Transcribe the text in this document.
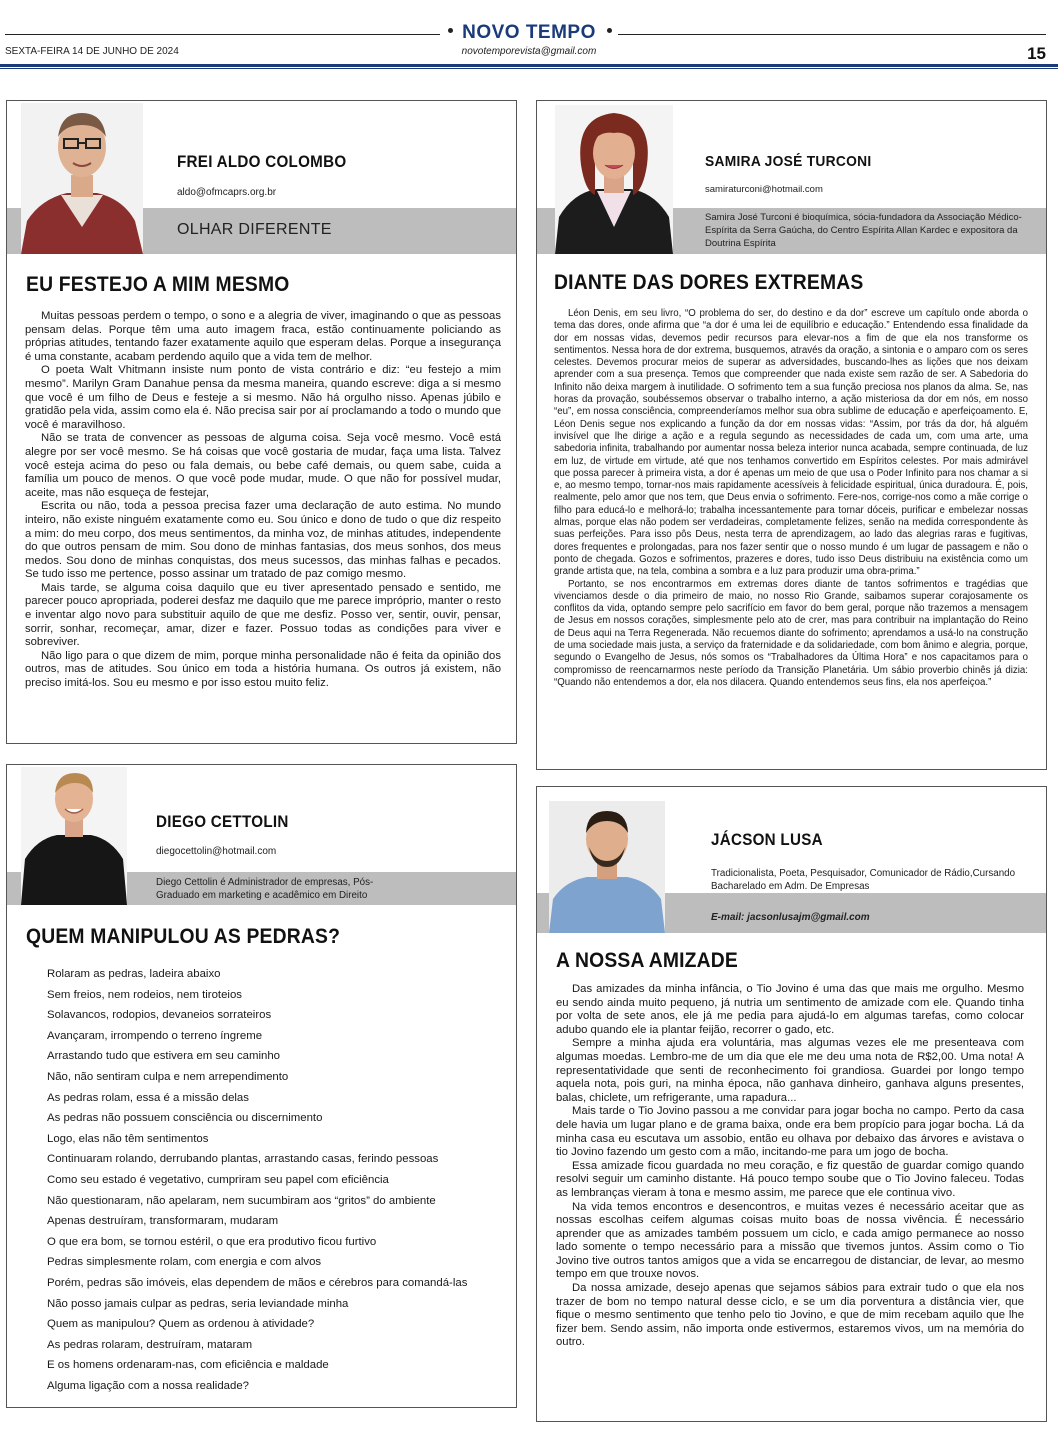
NOVO TEMPO
SEXTA-FEIRA 14 DE JUNHO DE 2024	novotemporevista@gmail.com	15
FREI ALDO COLOMBO
aldo@ofmcaprs.org.br
OLHAR DIFERENTE
EU FESTEJO A MIM MESMO

Muitas pessoas perdem o tempo, o sono e a alegria de viver, imaginando o que as pessoas pensam delas. Porque têm uma auto imagem fraca, estão continuamente policiando as próprias atitudes, tentando fazer exatamente aquilo que esperam delas. Porque a insegurança é uma constante, acabam perdendo aquilo que a vida tem de melhor.

O poeta Walt Vhitmann insiste num ponto de vista contrário e diz: “eu festejo a mim mesmo”. Marilyn Gram Danahue pensa da mesma maneira, quando escreve: diga a si mesmo que você é um filho de Deus e festeje a si mesmo. Não há orgulho nisso. Apenas júbilo e gratidão pela vida, assim como ela é. Não precisa sair por aí proclamando a todo o mundo que você é maravilhoso.

Não se trata de convencer as pessoas de alguma coisa. Seja você mesmo. Você está alegre por ser você mesmo. Se há coisas que você gostaria de mudar, faça uma lista. Talvez você esteja acima do peso ou fala demais, ou bebe café demais, ou quem sabe, cuida a família um pouco de menos. O que você pode mudar, mude. O que não for possível mudar, aceite, mas não esqueça de festejar,

Escrita ou não, toda a pessoa precisa fazer uma declaração de auto estima. No mundo inteiro, não existe ninguém exatamente como eu. Sou único e dono de tudo o que diz respeito a mim: do meu corpo, dos meus sentimentos, da minha voz, de minhas atitudes, independente do que outros pensam de mim. Sou dono de minhas fantasias, dos meus sonhos, dos meus medos. Sou dono de minhas conquistas, dos meus sucessos, das minhas falhas e pecados. Se tudo isso me pertence, posso assinar um tratado de paz comigo mesmo.

Mais tarde, se alguma coisa daquilo que eu tiver apresentado pensado e sentido, me parecer pouco apropriada, poderei desfaz me daquilo que me parece impróprio, manter o resto e inventar algo novo para substituir aquilo de que me desfiz. Posso ver, sentir, ouvir, pensar, sorrir, sonhar, recomeçar, amar, dizer e fazer. Possuo todas as condições para viver e sobreviver.

Não ligo para o que dizem de mim, porque minha personalidade não é feita da opinião dos outros, mas de atitudes. Sou único em toda a história humana. Os outros já existem, não preciso imitá-los. Sou eu mesmo e por isso estou muito feliz.

SAMIRA JOSÉ TURCONI
samiraturconi@hotmail.com
Samira José Turconi é bioquímica, sócia-fundadora da Associação Médico-Espírita da Serra Gaúcha, do Centro Espírita Allan Kardec e expositora da Doutrina Espírita
DIANTE DAS DORES EXTREMAS

Léon Denis, em seu livro, “O problema do ser, do destino e da dor” escreve um capítulo onde aborda o tema das dores, onde afirma que “a dor é uma lei de equilíbrio e educação.” Entendendo essa finalidade da dor em nossas vidas, devemos pedir recursos para elevar-nos a fim de que ela nos transforme os sentimentos. Nessa hora de dor extrema, busquemos, através da oração, a sintonia e o amparo com os seres celestes. Devemos procurar meios de superar as adversidades, buscando-lhes as lições que nos deixam aprender com a sua presença. Temos que compreender que nada existe sem razão de ser. A Sabedoria do Infinito não deixa margem à inutilidade. O sofrimento tem a sua função preciosa nos planos da alma. Se, nas horas da provação, soubéssemos observar o trabalho interno, a ação misteriosa da dor em nós, em nosso “eu”, em nossa consciência, compreenderíamos melhor sua obra sublime de educação e aperfeiçoamento. E, Léon Denis segue nos explicando a função da dor em nossas vidas: “Assim, por trás da dor, há alguém invisível que lhe dirige a ação e a regula segundo as necessidades de cada um, com uma arte, uma sabedoria infinita, trabalhando por aumentar nossa beleza interior nunca acabada, sempre continuada, de luz em luz, de virtude em virtude, até que nos tenhamos convertido em Espíritos celestes. Por mais admirável que possa parecer à primeira vista, a dor é apenas um meio de que usa o Poder Infinito para nos chamar a si e, ao mesmo tempo, tornar-nos mais rapidamente acessíveis à felicidade espiritual, única duradoura. É, pois, realmente, pelo amor que nos tem, que Deus envia o sofrimento. Fere-nos, corrige-nos como a mãe corrige o filho para educá-lo e melhorá-lo; trabalha incessantemente para tornar dóceis, purificar e embelezar nossas almas, porque elas não podem ser verdadeiras, completamente felizes, senão na medida correspondente às suas perfeições. Para isso pôs Deus, nesta terra de aprendizagem, ao lado das alegrias raras e fugitivas, dores frequentes e prolongadas, para nos fazer sentir que o nosso mundo é um lugar de passagem e não o ponto de chegada. Gozos e sofrimentos, prazeres e dores, tudo isso Deus distribuiu na existência como um grande artista que, na tela, combina a sombra e a luz para produzir uma obra-prima.”

Portanto, se nos encontrarmos em extremas dores diante de tantos sofrimentos e tragédias que vivenciamos desde o dia primeiro de maio, no nosso Rio Grande, saibamos superar corajosamente os conflitos da vida, optando sempre pelo sacrifício em favor do bem geral, porque não trazemos a mensagem de Jesus em nossos corações, simplesmente pelo ato de crer, mas para contribuir na implantação do Reino de Deus aqui na Terra Regenerada. Não recuemos diante do sofrimento; aprendamos a usá-lo na construção de uma sociedade mais justa, a serviço da fraternidade e da solidariedade, com bom ânimo e alegria, porque, segundo o Evangelho de Jesus, nós somos os “Trabalhadores da Última Hora” e nos capacitamos para o compromisso de reencarnarmos neste período da Transição Planetária. Um sábio proverbio chinês já dizia: “Quando não entendemos a dor, ela nos dilacera. Quando entendemos seus fins, ela nos aperfeiçoa.”

DIEGO CETTOLIN
diegocettolin@hotmail.com
Diego Cettolin é Administrador de empresas, Pós-Graduado em marketing e acadêmico em Direito
QUEM MANIPULOU AS PEDRAS?
Rolaram as pedras, ladeira abaixo
Sem freios, nem rodeios, nem tiroteios
Solavancos, rodopios, devaneios sorrateiros
Avançaram, irrompendo o terreno íngreme
Arrastando tudo que estivera em seu caminho
Não, não sentiram culpa e nem arrependimento
As pedras rolam, essa é a missão delas
As pedras não possuem consciência ou discernimento
Logo, elas não têm sentimentos
Continuaram rolando, derrubando plantas, arrastando casas, ferindo pessoas
Como seu estado é vegetativo, cumpriram seu papel com eficiência
Não questionaram, não apelaram, nem sucumbiram aos “gritos” do ambiente
Apenas destruíram, transformaram, mudaram
O que era bom, se tornou estéril, o que era produtivo ficou furtivo
Pedras simplesmente rolam, com energia e com alvos
Porém, pedras são imóveis, elas dependem de mãos e cérebros para comandá-las
Não posso jamais culpar as pedras, seria leviandade minha
Quem as manipulou? Quem as ordenou à atividade?
As pedras rolaram, destruíram, mataram
E os homens ordenaram-nas, com eficiência e maldade
Alguma ligação com a nossa realidade?
JÁCSON LUSA
Tradicionalista, Poeta, Pesquisador, Comunicador de Rádio,Cursando Bacharelado em Adm. De Empresas
E-mail: jacsonlusajm@gmail.com
A NOSSA AMIZADE

Das amizades da minha infância, o Tio Jovino é uma das que mais me orgulho. Mesmo eu sendo ainda muito pequeno, já nutria um sentimento de amizade com ele. Quando tinha por volta de sete anos, ele já me pedia para ajudá-lo em algumas tarefas, como colocar adubo quando ele ia plantar feijão, recorrer o gado, etc.

Sempre a minha ajuda era voluntária, mas algumas vezes ele me presenteava com algumas moedas. Lembro-me de um dia que ele me deu uma nota de R$2,00. Uma nota! A representatividade que senti de reconhecimento foi grandiosa. Guardei por longo tempo aquela nota, pois guri, na minha época, não ganhava dinheiro, ganhava alguns presentes, balas, chiclete, um refrigerante, uma rapadura...

Mais tarde o Tio Jovino passou a me convidar para jogar bocha no campo. Perto da casa dele havia um lugar plano e de grama baixa, onde era bem propício para jogar bocha. Lá da minha casa eu escutava um assobio, então eu olhava por debaixo das árvores e avistava o tio Jovino fazendo um gesto com a mão, incitando-me para um jogo de bocha.

Essa amizade ficou guardada no meu coração, e fiz questão de guardar comigo quando resolvi seguir um caminho distante. Há pouco tempo soube que o Tio Jovino faleceu. Todas as lembranças vieram à tona e mesmo assim, me parece que ele continua vivo.

Na vida temos encontros e desencontros, e muitas vezes é necessário aceitar que as nossas escolhas ceifem algumas coisas muito boas de nossa vivência. É necessário aprender que as amizades também possuem um ciclo, e cada amigo permanece ao nosso lado somente o tempo necessário para a missão que tivemos juntos. Assim como o Tio Jovino tive outros tantos amigos que a vida se encarregou de distanciar, de levar, ao mesmo tempo em que trouxe novos.

Da nossa amizade, desejo apenas que sejamos sábios para extrair tudo o que ela nos trazer de bom no tempo natural desse ciclo, e se um dia porventura a distância vier, que fique o mesmo sentimento que tenho pelo tio Jovino, e que de mim recebam aquilo que lhe fizer bem. Sendo assim, não importa onde estivermos, estaremos vivos, um na memória do outro.
